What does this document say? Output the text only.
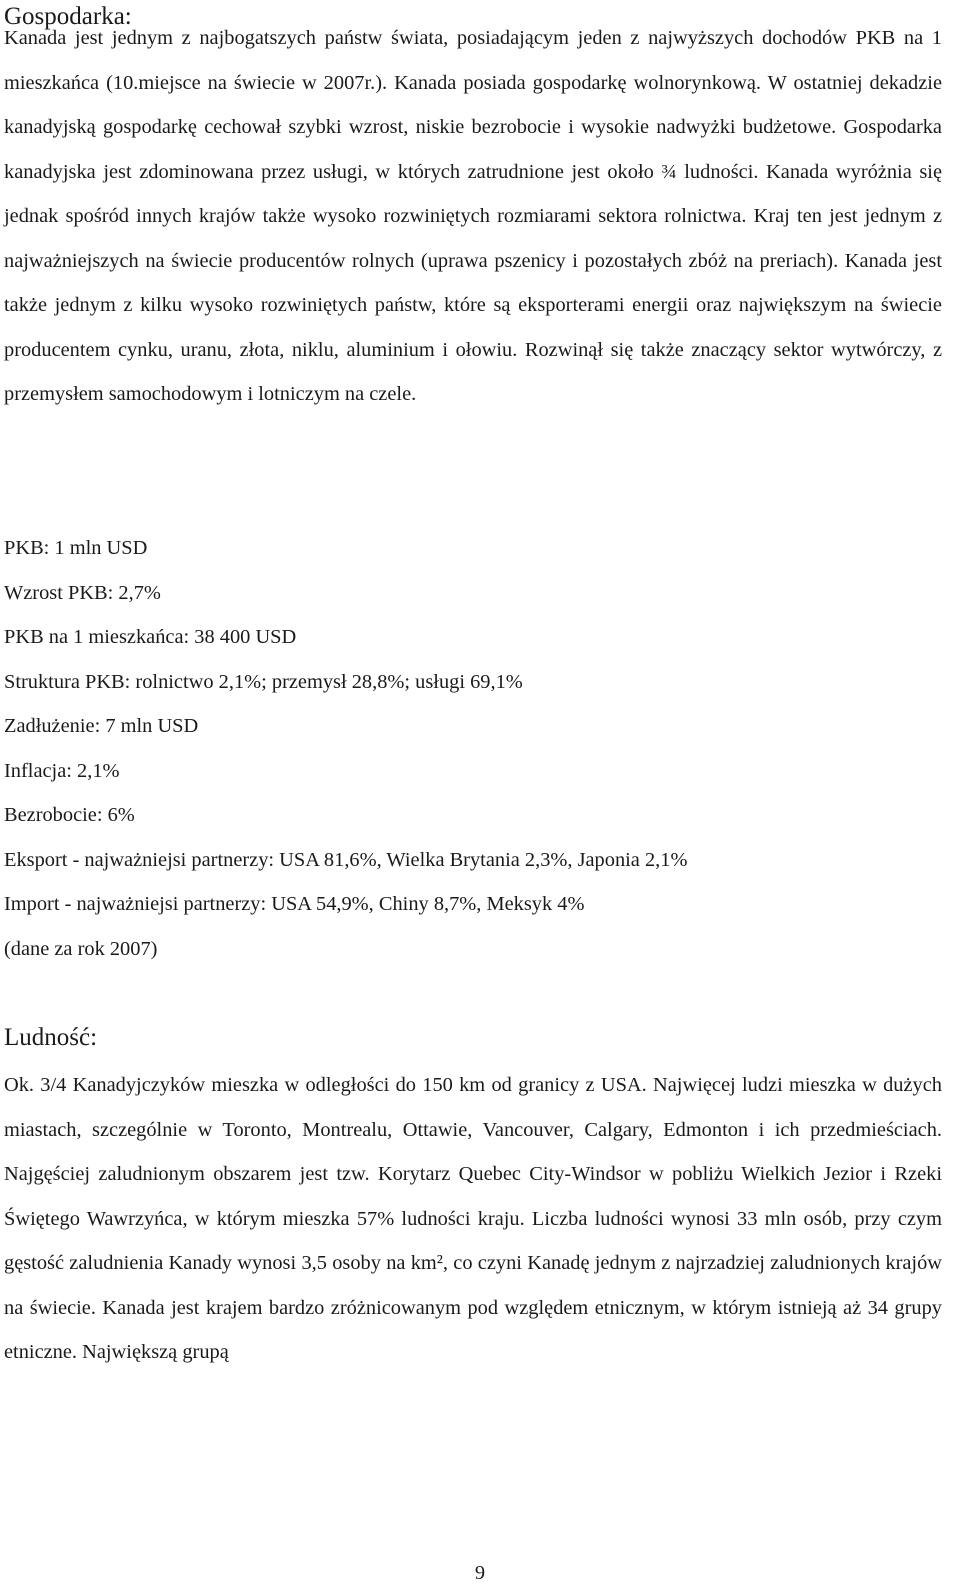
Gospodarka:

Kanada jest jednym z najbogatszych państw świata, posiadającym jeden z najwyższych dochodów PKB na 1 mieszkańca (10.miejsce na świecie w 2007r.). Kanada posiada gospodarkę wolnorynkową. W ostatniej dekadzie kanadyjską gospodarkę cechował szybki wzrost, niskie bezrobocie i wysokie nadwyżki budżetowe. Gospodarka kanadyjska jest zdominowana przez usługi, w których zatrudnione jest około ¾ ludności. Kanada wyróżnia się jednak spośród innych krajów także wysoko rozwiniętych rozmiarami sektora rolnictwa. Kraj ten jest jednym z najważniejszych na świecie producentów rolnych (uprawa pszenicy i pozostałych zbóż na preriach). Kanada jest także jednym z kilku wysoko rozwiniętych państw, które są eksporterami energii oraz największym na świecie producentem cynku, uranu, złota, niklu, aluminium i ołowiu. Rozwinął się także znaczący sektor wytwórczy, z przemysłem samochodowym i lotniczym na czele.

PKB: 1 mln USD
Wzrost PKB: 2,7%
PKB na 1 mieszkańca: 38 400 USD
Struktura PKB: rolnictwo 2,1%; przemysł 28,8%; usługi 69,1%
Zadłużenie: 7 mln USD
Inflacja: 2,1%
Bezrobocie: 6%
Eksport - najważniejsi partnerzy: USA 81,6%, Wielka Brytania 2,3%, Japonia 2,1%
Import - najważniejsi partnerzy: USA 54,9%, Chiny 8,7%, Meksyk 4%
(dane za rok 2007)
Ludność:

Ok. 3/4 Kanadyjczyków mieszka w odległości do 150 km od granicy z USA. Najwięcej ludzi mieszka w dużych miastach, szczególnie w Toronto, Montrealu, Ottawie, Vancouver, Calgary, Edmonton i ich przedmieściach. Najgęściej zaludnionym obszarem jest tzw. Korytarz Quebec City-Windsor w pobliżu Wielkich Jezior i Rzeki Świętego Wawrzyńca, w którym mieszka 57% ludności kraju. Liczba ludności wynosi 33 mln osób, przy czym gęstość zaludnienia Kanady wynosi 3,5 osoby na km², co czyni Kanadę jednym z najrzadziej zaludnionych krajów na świecie. Kanada jest krajem bardzo zróżnicowanym pod względem etnicznym, w którym istnieją aż 34 grupy etniczne. Największą grupą

9
